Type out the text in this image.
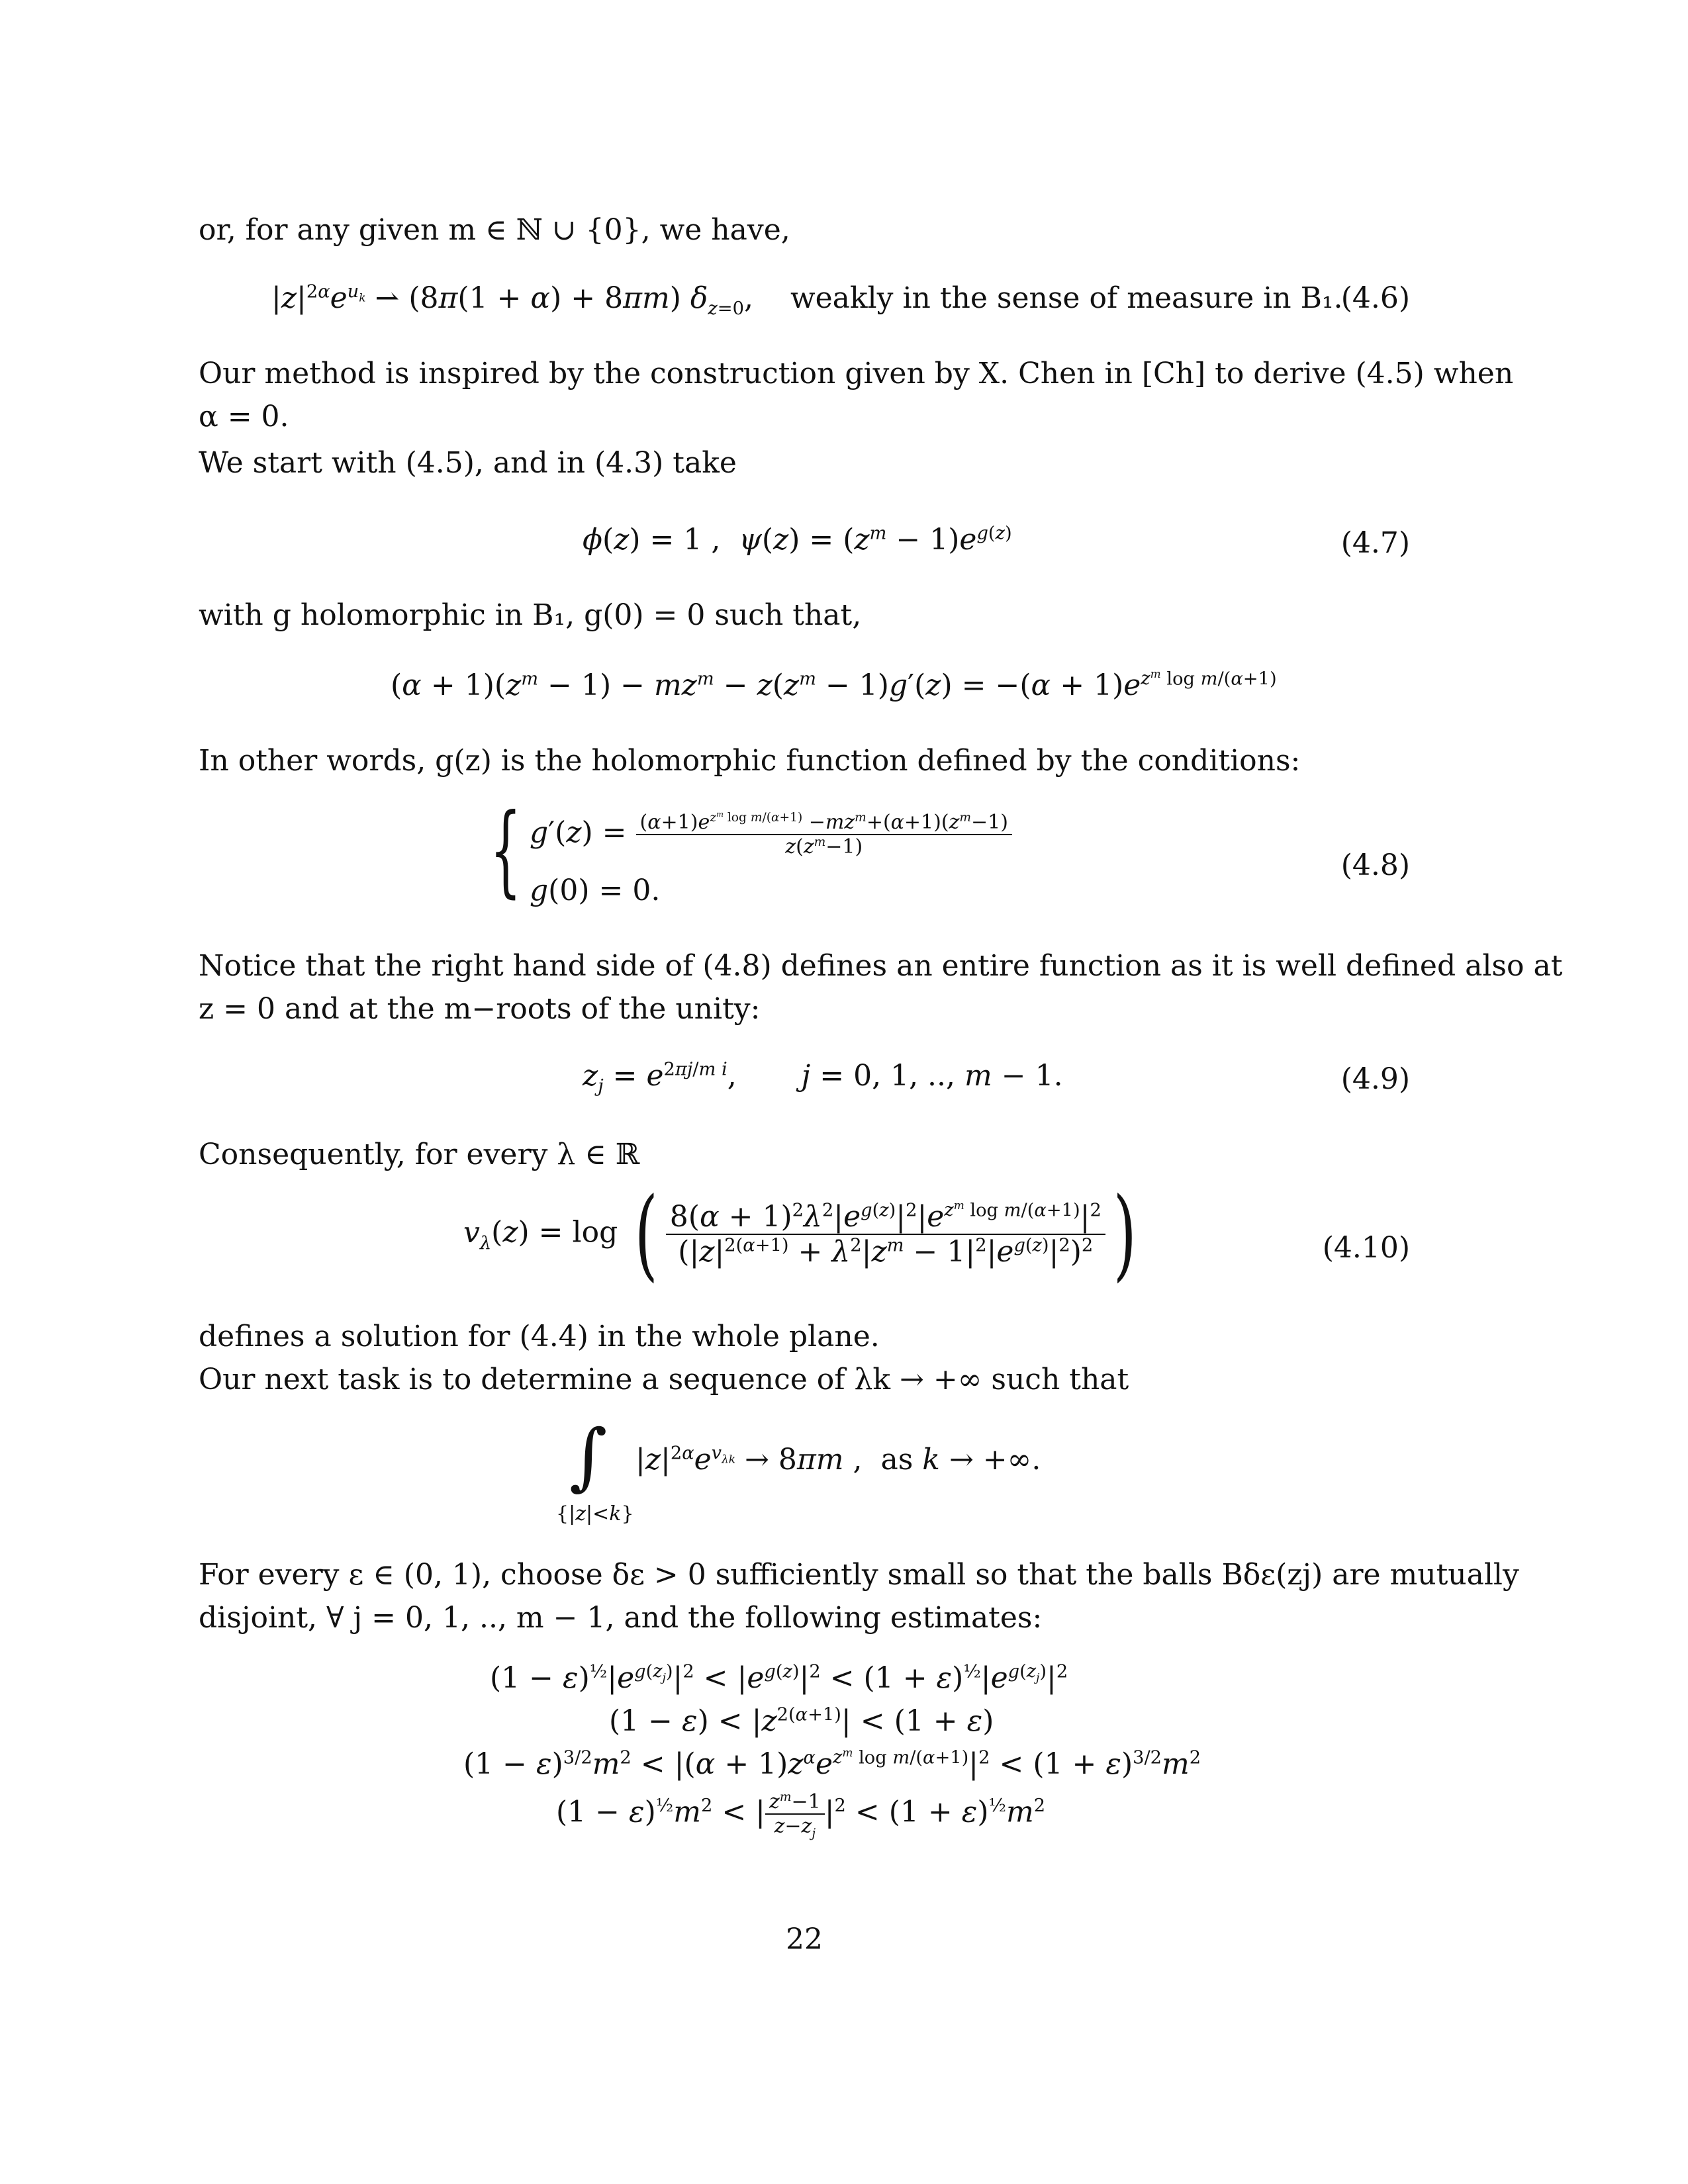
or, for any given m ∈ ℕ ∪ {0}, we have,
$|z|^{2\alpha}e^{u_k}$ ⇀ (8π(1 + α) + 8πm) $\delta_{z=0}$,    weakly in the sense of measure in B₁.
(4.6)
Our method is inspired by the construction given by X. Chen in [Ch] to derive (4.5) when
α = 0.
We start with (4.5), and in (4.3) take
ϕ(z) = 1 ,  $\psi(z) = (z^m - 1)e^{g(z)}$	(4.7)
with g holomorphic in B₁, g(0) = 0 such that,
$(\alpha + 1)(z^m - 1) - mz^m - z(z^m - 1)g'(z) = -(\alpha + 1)e^{z^m log m/(\alpha+1)}$
In other words, g(z) is the holomorphic function defined by the conditions:
{ $g'(z) = \frac{(\alpha+1)e^{z^m log m/(\alpha+1)} -mz^m+(\alpha+1)(z^m-1)}{z(z^m-1)}$
g(0) = 0.
(4.8)
Notice that the right hand side of (4.8) defines an entire function as it is well defined also at
z = 0 and at the m−roots of the unity:
$z_j = e^{2\pi j/m i}$,       j = 0, 1, .., m − 1.	(4.9)
Consequently, for every λ ∈ ℝ
$v_\lambda(z) = \log$ ( $\frac{8(\alpha + 1)^2\lambda^2|e^{g(z)}|^2|e^{z^m log m/(\alpha+1)}|^2}{(|z|^{2(\alpha+1)} + \lambda^2|z^m - 1|^2|e^{g(z)}|^2)^2}$ )	(4.10)
defines a solution for (4.4) in the whole plane.
Our next task is to determine a sequence of λk → +∞ such that
∫
{|z|<k}
$|z|^{2\alpha}e^{v_{\lambda k}} \to 8\pi m$ ,  as k → +∞.
For every ε ∈ (0, 1), choose δε > 0 sufficiently small so that the balls Bδε(zj) are mutually
disjoint, ∀ j = 0, 1, .., m − 1, and the following estimates:
$(1 - \varepsilon)^{\frac{1}{2}}|e^{g(z_j)}|^2 < |e^{g(z)}|^2 < (1 + \varepsilon)^{\frac{1}{2}}|e^{g(z_j)}|^2$
$(1 - \varepsilon) < |z^{2(\alpha+1)}| < (1 + \varepsilon)$
$(1 - \varepsilon)^{3/2}m^2 < |(\alpha + 1)z^\alpha e^{z^m log m/(\alpha+1)}|^2 < (1 + \varepsilon)^{3/2}m^2$
$(1 - \varepsilon)^{\frac{1}{2}}m^2$ < | $\frac{z^m-1}{z-z_j} |^2 < (1 + \varepsilon)^{\frac{1}{2}}m^2$
22
